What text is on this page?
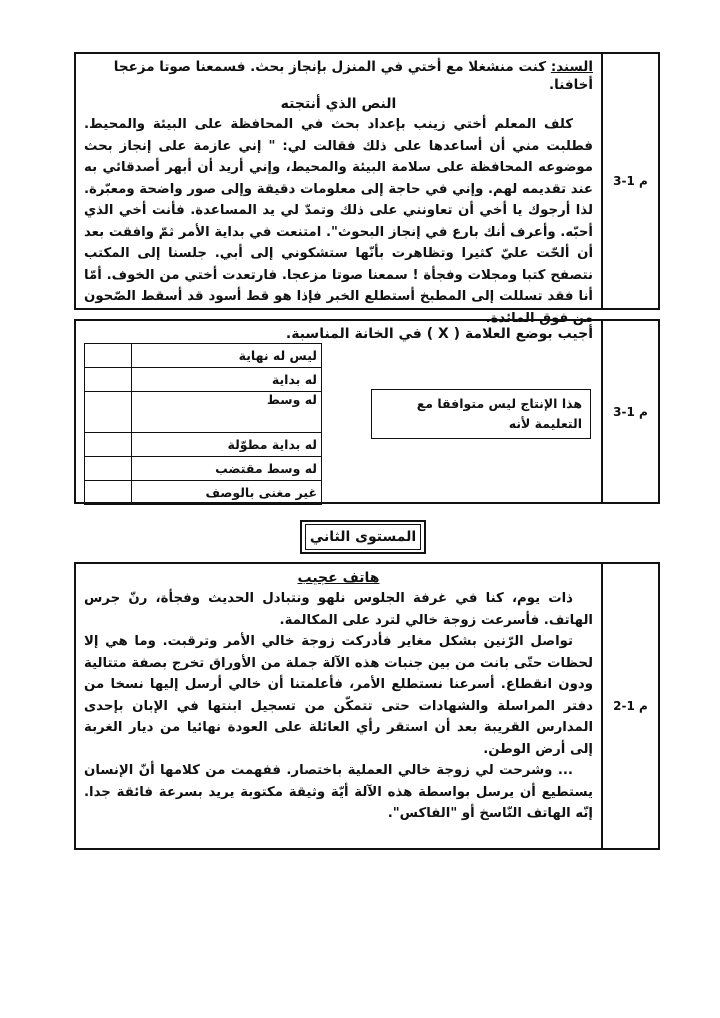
م 1-3
السند: كنت منشغلا مع أختي في المنزل بإنجاز بحث. فسمعنا صوتا مزعجا أخافنا.
النص الذي أنتجته

كلف المعلم أختي زينب بإعداد بحث في المحافظة على البيئة والمحيط. فطلبت مني أن أساعدها على ذلك فقالت لي: " إني عازمة على إنجاز بحث موضوعه المحافظة على سلامة البيئة والمحيط، وإني أريد أن أبهر أصدقائي به عند تقديمه لهم. وإني في حاجة إلى معلومات دقيقة وإلى صور واضحة ومعبّرة. لذا أرجوك يا أخي أن تعاونني على ذلك وتمدّ لي يد المساعدة. فأنت أخي الذي أحبّه. وأعرف أنك بارع في إنجاز البحوث". امتنعت في بداية الأمر ثمّ وافقت بعد أن ألحّت عليّ كثيرا وتظاهرت بأنّها ستشكوني إلى أبي. جلسنا إلى المكتب نتصفح كتبا ومجلات وفجأة ! سمعنا صوتا مزعجا. فارتعدت أختي من الخوف. أمّا أنا فقد تسللت إلى المطبخ أستطلع الخبر فإذا هو قط أسود قد أسقط الصّحون من فوق المائدة.

م 1-3
أجيب بوضع العلامة ( X ) في الخانة المناسبة.
هذا الإنتاج ليس متوافقا مع التعليمة لأنه
ليس له نهاية	
له بداية	
له وسط	
له بداية مطوّلة	
له وسط مقتضب	
غير مغنى بالوصف	
المستوى الثاني
م 1-2
هاتف عجيب

ذات يوم، كنا في غرفة الجلوس نلهو ونتبادل الحديث وفجأة، رنّ جرس الهاتف. فأسرعت زوجة خالي لترد على المكالمة.

تواصل الرّنين بشكل مغاير فأدركت زوجة خالي الأمر وترقبت. وما هي إلا لحظات حتّى بانت من بين جنبات هذه الآلة جملة من الأوراق تخرج بصفة متتالية ودون انقطاع. أسرعنا نستطلع الأمر، فأعلمتنا أن خالي أرسل إليها نسخا من دفتر المراسلة والشهادات حتى تتمكّن من تسجيل ابنتها في الإبان بإحدى المدارس القريبة بعد أن استقر رأي العائلة على العودة نهائيا من ديار الغربة إلى أرض الوطن.

... وشرحت لي زوجة خالي العملية باختصار. ففهمت من كلامها أنّ الإنسان يستطيع أن يرسل بواسطة هذه الآلة أيّة وثيقة مكتوبة يريد بسرعة فائقة جدا. إنّه الهاتف النّاسخ أو "الفاكس".
